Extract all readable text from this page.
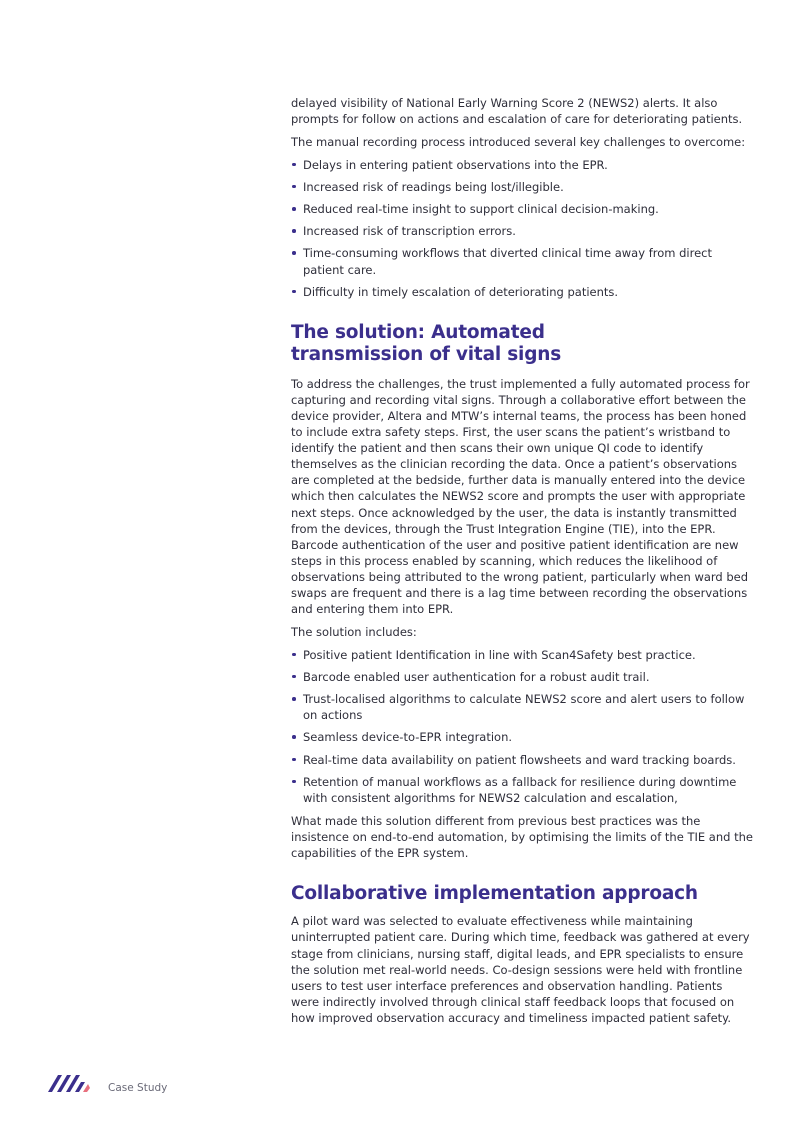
delayed visibility of National Early Warning Score 2 (NEWS2) alerts. It also prompts for follow on actions and escalation of care for deteriorating patients.

The manual recording process introduced several key challenges to overcome:

Delays in entering patient observations into the EPR.
Increased risk of readings being lost/illegible.
Reduced real-time insight to support clinical decision-making.
Increased risk of transcription errors.
Time-consuming workflows that diverted clinical time away from direct patient care.
Difficulty in timely escalation of deteriorating patients.
The solution: Automated
transmission of vital signs

To address the challenges, the trust implemented a fully automated process for capturing and recording vital signs. Through a collaborative effort between the device provider, Altera and MTW’s internal teams, the process has been honed to include extra safety steps. First, the user scans the patient’s wristband to identify the patient and then scans their own unique QI code to identify themselves as the clinician recording the data. Once a patient’s observations are completed at the bedside, further data is manually entered into the device which then calculates the NEWS2 score and prompts the user with appropriate next steps. Once acknowledged by the user, the data is instantly transmitted from the devices, through the Trust Integration Engine (TIE), into the EPR. Barcode authentication of the user and positive patient identification are new steps in this process enabled by scanning, which reduces the likelihood of observations being attributed to the wrong patient, particularly when ward bed swaps are frequent and there is a lag time between recording the observations and entering them into EPR.

The solution includes:

Positive patient Identification in line with Scan4Safety best practice.
Barcode enabled user authentication for a robust audit trail.
Trust-localised algorithms to calculate NEWS2 score and alert users to follow on actions
Seamless device-to-EPR integration.
Real-time data availability on patient flowsheets and ward tracking boards.
Retention of manual workflows as a fallback for resilience during downtime with consistent algorithms for NEWS2 calculation and escalation,

What made this solution different from previous best practices was the insistence on end-to-end automation, by optimising the limits of the TIE and the capabilities of the EPR system.

Collaborative implementation approach

A pilot ward was selected to evaluate effectiveness while maintaining uninterrupted patient care. During which time, feedback was gathered at every stage from clinicians, nursing staff, digital leads, and EPR specialists to ensure the solution met real-world needs. Co-design sessions were held with frontline users to test user interface preferences and observation handling. Patients were indirectly involved through clinical staff feedback loops that focused on how improved observation accuracy and timeliness impacted patient safety.

Case Study
